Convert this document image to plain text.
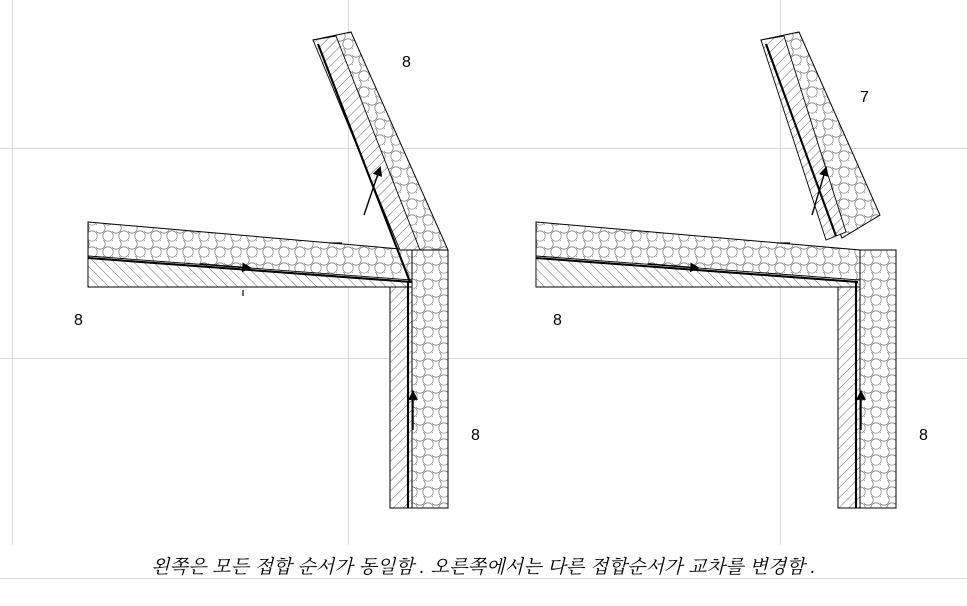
8
8
8
7
8
8
왼쪽은 모든 접합 순서가 동일함 . 오른쪽에서는 다른 접합순서가 교차를 변경함 .
